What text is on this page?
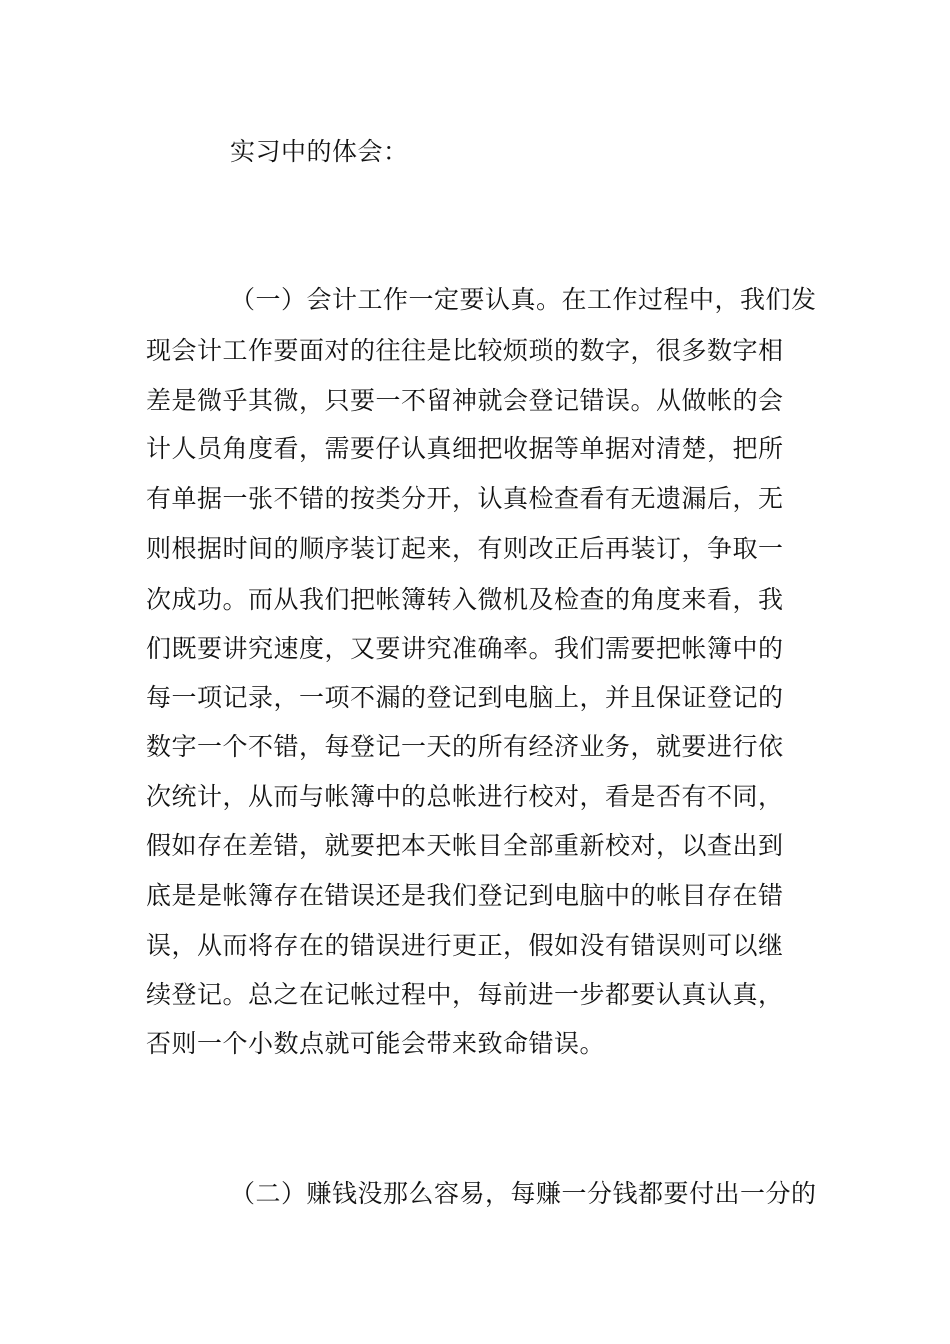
实习中的体会：
（一）会计工作一定要认真。在工作过程中，我们发
现会计工作要面对的往往是比较烦琐的数字，很多数字相
差是微乎其微，只要一不留神就会登记错误。从做帐的会
计人员角度看，需要仔认真细把收据等单据对清楚，把所
有单据一张不错的按类分开，认真检查看有无遗漏后，无
则根据时间的顺序装订起来，有则改正后再装订，争取一
次成功。而从我们把帐簿转入微机及检查的角度来看，我
们既要讲究速度，又要讲究准确率。我们需要把帐簿中的
每一项记录，一项不漏的登记到电脑上，并且保证登记的
数字一个不错，每登记一天的所有经济业务，就要进行依
次统计，从而与帐簿中的总帐进行校对，看是否有不同，
假如存在差错，就要把本天帐目全部重新校对，以查出到
底是是帐簿存在错误还是我们登记到电脑中的帐目存在错
误，从而将存在的错误进行更正，假如没有错误则可以继
续登记。总之在记帐过程中，每前进一步都要认真认真，
否则一个小数点就可能会带来致命错误。
（二）赚钱没那么容易，每赚一分钱都要付出一分的
